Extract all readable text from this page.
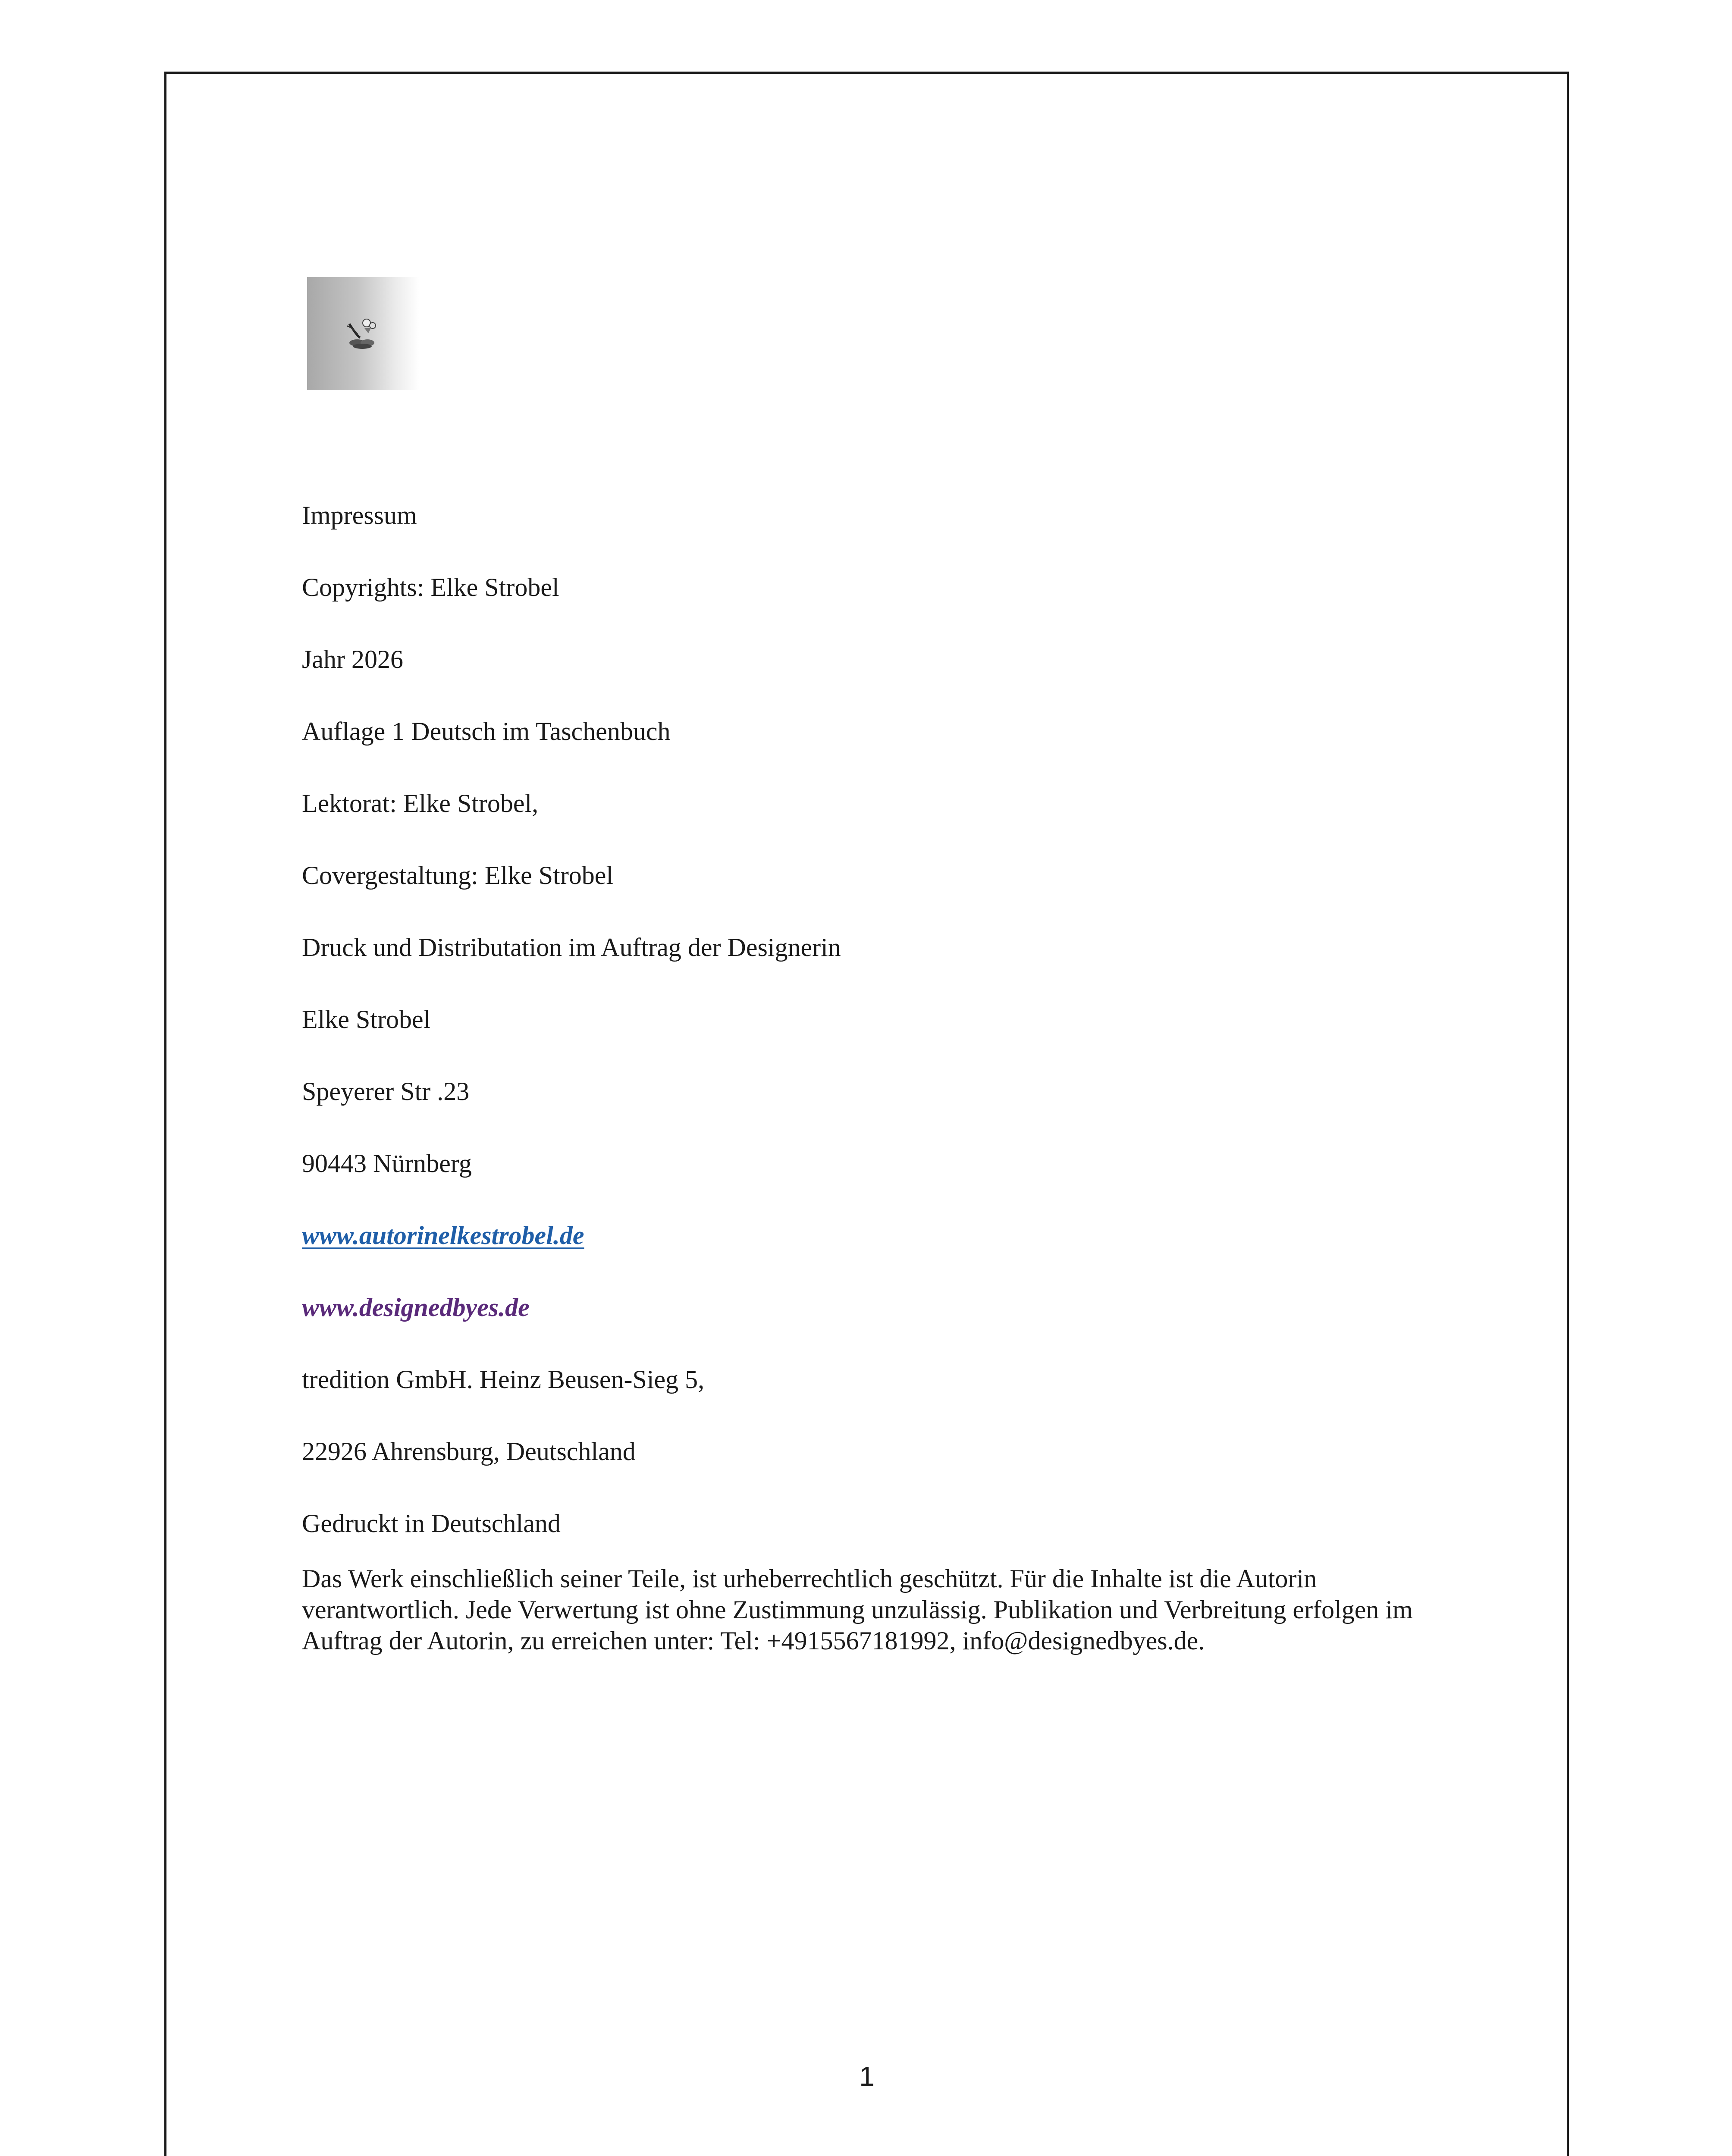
Impressum
Copyrights: Elke Strobel
Jahr 2026
Auflage 1 Deutsch im Taschenbuch
Lektorat: Elke Strobel,
Covergestaltung: Elke Strobel
Druck und Distributation im Auftrag der Designerin
Elke Strobel
Speyerer Str .23
90443 Nürnberg
www.autorinelkestrobel.de
www.designedbyes.de
tredition GmbH. Heinz Beusen-Sieg 5,
22926 Ahrensburg, Deutschland
Gedruckt in Deutschland
Das Werk einschließlich seiner Teile, ist urheberrechtlich geschützt. Für die Inhalte ist die Autorin verantwortlich. Jede Verwertung ist ohne Zustimmung unzulässig. Publikation und Verbreitung erfolgen im Auftrag der Autorin, zu erreichen unter: Tel: +4915567181992, info@designedbyes.de.
1
